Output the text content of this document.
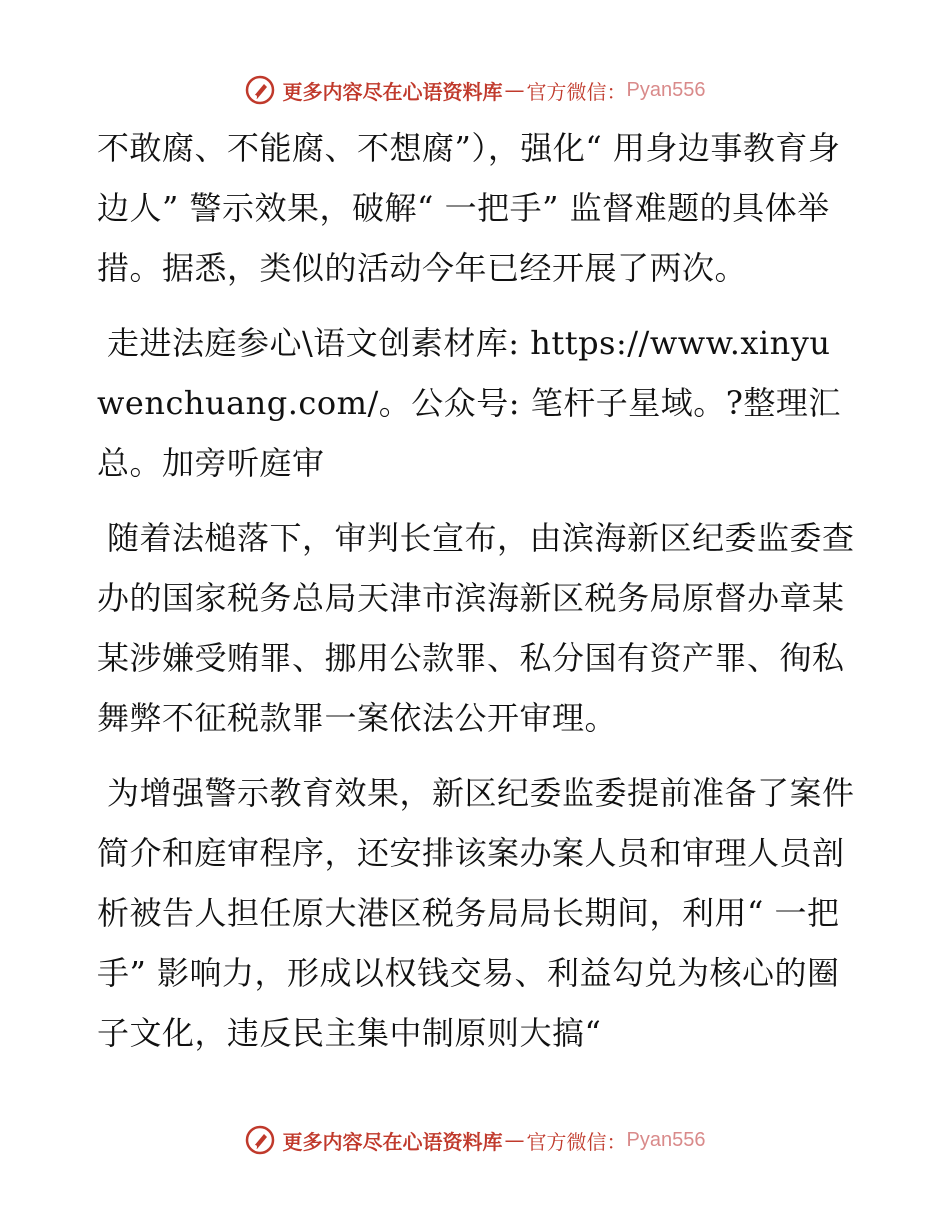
更多内容尽在心语资料库 — 官方微信： Pyan556

不敢腐、不能腐、不想腐”），强化“ 用身边事教育身边人” 警示效果，破解“ 一把手” 监督难题的具体举措。据悉，类似的活动今年已经开展了两次。

走进法庭参心\语文创素材库: https://www.xinyuwenchuang.com/。公众号: 笔杆子星域。?整理汇总。加旁听庭审

随着法槌落下，审判长宣布，由滨海新区纪委监委查办的国家税务总局天津市滨海新区税务局原督办章某某涉嫌受贿罪、挪用公款罪、私分国有资产罪、徇私舞弊不征税款罪一案依法公开审理。

为增强警示教育效果，新区纪委监委提前准备了案件简介和庭审程序，还安排该案办案人员和审理人员剖析被告人担任原大港区税务局局长期间，利用“ 一把手” 影响力，形成以权钱交易、利益勾兑为核心的圈子文化，违反民主集中制原则大搞“

更多内容尽在心语资料库 — 官方微信： Pyan556
